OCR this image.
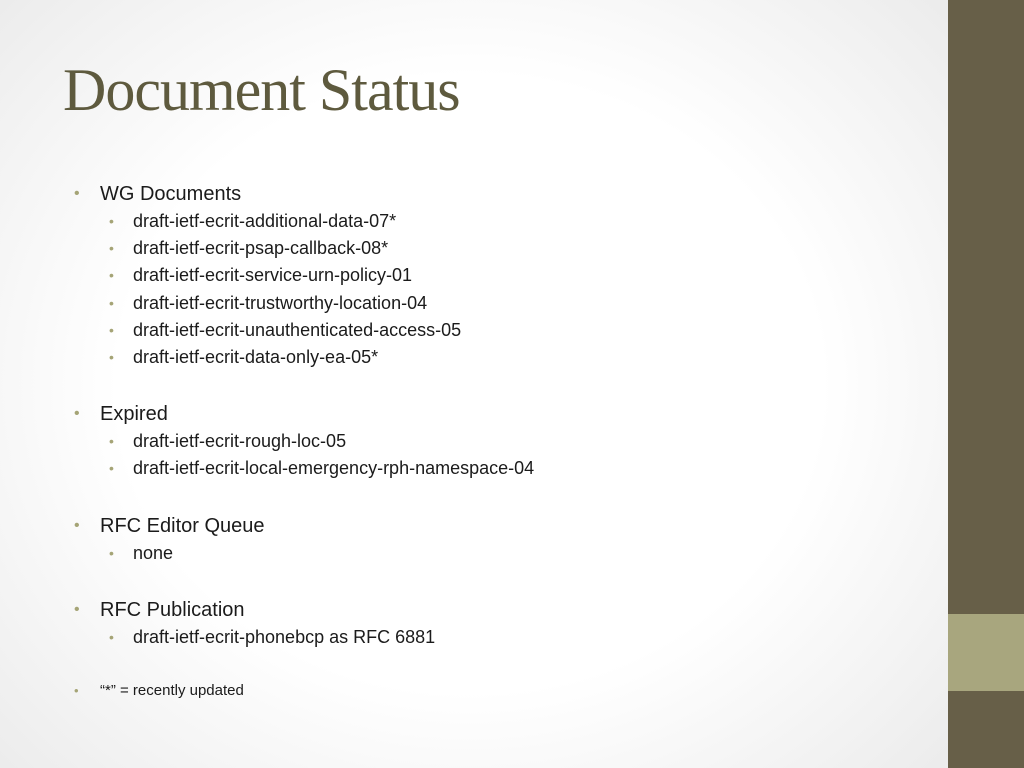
Document Status
• WG Documents
• draft-ietf-ecrit-additional-data-07*
• draft-ietf-ecrit-psap-callback-08*
• draft-ietf-ecrit-service-urn-policy-01
• draft-ietf-ecrit-trustworthy-location-04
• draft-ietf-ecrit-unauthenticated-access-05
• draft-ietf-ecrit-data-only-ea-05*
• Expired
• draft-ietf-ecrit-rough-loc-05
• draft-ietf-ecrit-local-emergency-rph-namespace-04
• RFC Editor Queue
• none
• RFC Publication
• draft-ietf-ecrit-phonebcp as RFC 6881
• “*” = recently updated
